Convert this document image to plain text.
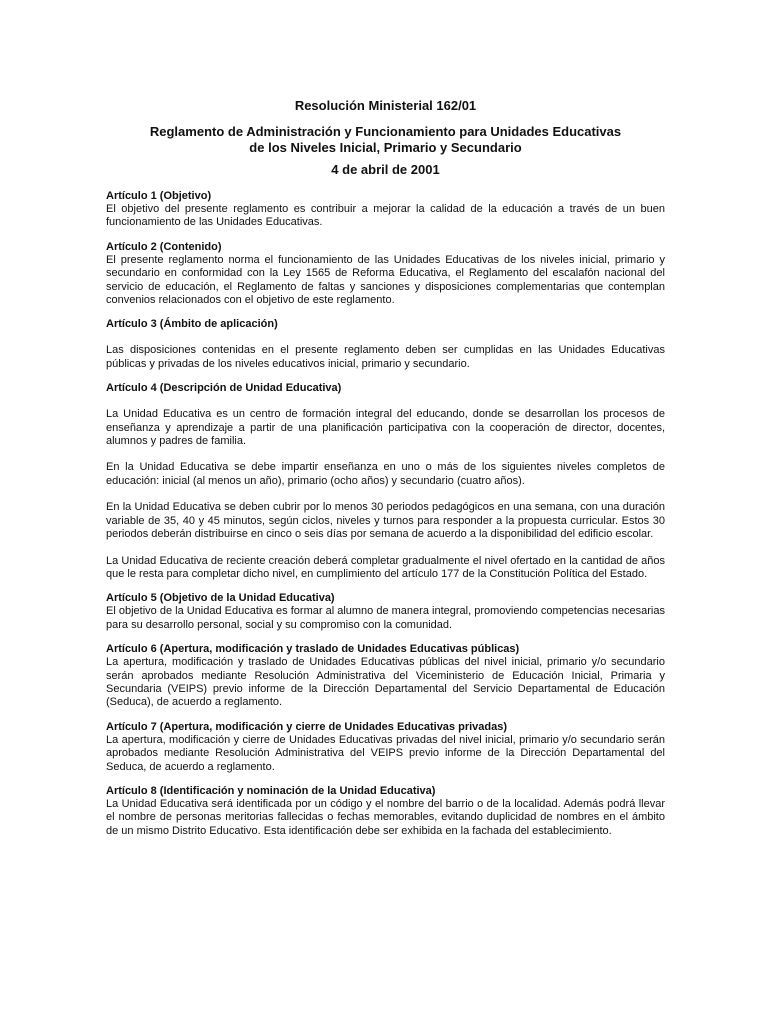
Resolución Ministerial 162/01
Reglamento de Administración y Funcionamiento para Unidades Educativas
de los Niveles Inicial, Primario y Secundario
4 de abril de 2001
Artículo 1 (Objetivo)

El objetivo del presente reglamento es contribuir a mejorar la calidad de la educación a través de un buen funcionamiento de las Unidades Educativas.

Artículo 2 (Contenido)

El presente reglamento norma el funcionamiento de las Unidades Educativas de los niveles inicial, primario y secundario en conformidad con la Ley 1565 de Reforma Educativa, el Reglamento del escalafón nacional del servicio de educación, el Reglamento de faltas y sanciones y disposiciones complementarias que contemplan convenios relacionados con el objetivo de este reglamento.

Artículo 3 (Ámbito de aplicación)

Las disposiciones contenidas en el presente reglamento deben ser cumplidas en las Unidades Educativas públicas y privadas de los niveles educativos inicial, primario y secundario.

Artículo 4 (Descripción de Unidad Educativa)

La Unidad Educativa es un centro de formación integral del educando, donde se desarrollan los procesos de enseñanza y aprendizaje a partir de una planificación participativa con la cooperación de director, docentes, alumnos y padres de familia.

En la Unidad Educativa se debe impartir enseñanza en uno o más de los siguientes niveles completos de educación: inicial (al menos un año), primario (ocho años) y secundario (cuatro años).

En la Unidad Educativa se deben cubrir por lo menos 30 periodos pedagógicos en una semana, con una duración variable de 35, 40 y 45 minutos, según ciclos, niveles y turnos para responder a la propuesta curricular. Estos 30 periodos deberán distribuirse en cinco o seis días por semana de acuerdo a la disponibilidad del edificio escolar.

La Unidad Educativa de reciente creación deberá completar gradualmente el nivel ofertado en la cantidad de años que le resta para completar dicho nivel, en cumplimiento del artículo 177 de la Constitución Política del Estado.

Artículo 5 (Objetivo de la Unidad Educativa)

El objetivo de la Unidad Educativa es formar al alumno de manera integral, promoviendo competencias necesarias para su desarrollo personal, social y su compromiso con la comunidad.

Artículo 6 (Apertura, modificación y traslado de Unidades Educativas públicas)

La apertura, modificación y traslado de Unidades Educativas públicas del nivel inicial, primario y/o secundario serán aprobados mediante Resolución Administrativa del Viceministerio de Educación Inicial, Primaria y Secundaria (VEIPS) previo informe de la Dirección Departamental del Servicio Departamental de Educación (Seduca), de acuerdo a reglamento.

Artículo 7 (Apertura, modificación y cierre de Unidades Educativas privadas)

La apertura, modificación y cierre de Unidades Educativas privadas del nivel inicial, primario y/o secundario serán aprobados mediante Resolución Administrativa del VEIPS previo informe de la Dirección Departamental del Seduca, de acuerdo a reglamento.

Artículo 8 (Identificación y nominación de la Unidad Educativa)

La Unidad Educativa será identificada por un código y el nombre del barrio o de la localidad. Además podrá llevar el nombre de personas meritorias fallecidas o fechas memorables, evitando duplicidad de nombres en el ámbito de un mismo Distrito Educativo. Esta identificación debe ser exhibida en la fachada del establecimiento.
